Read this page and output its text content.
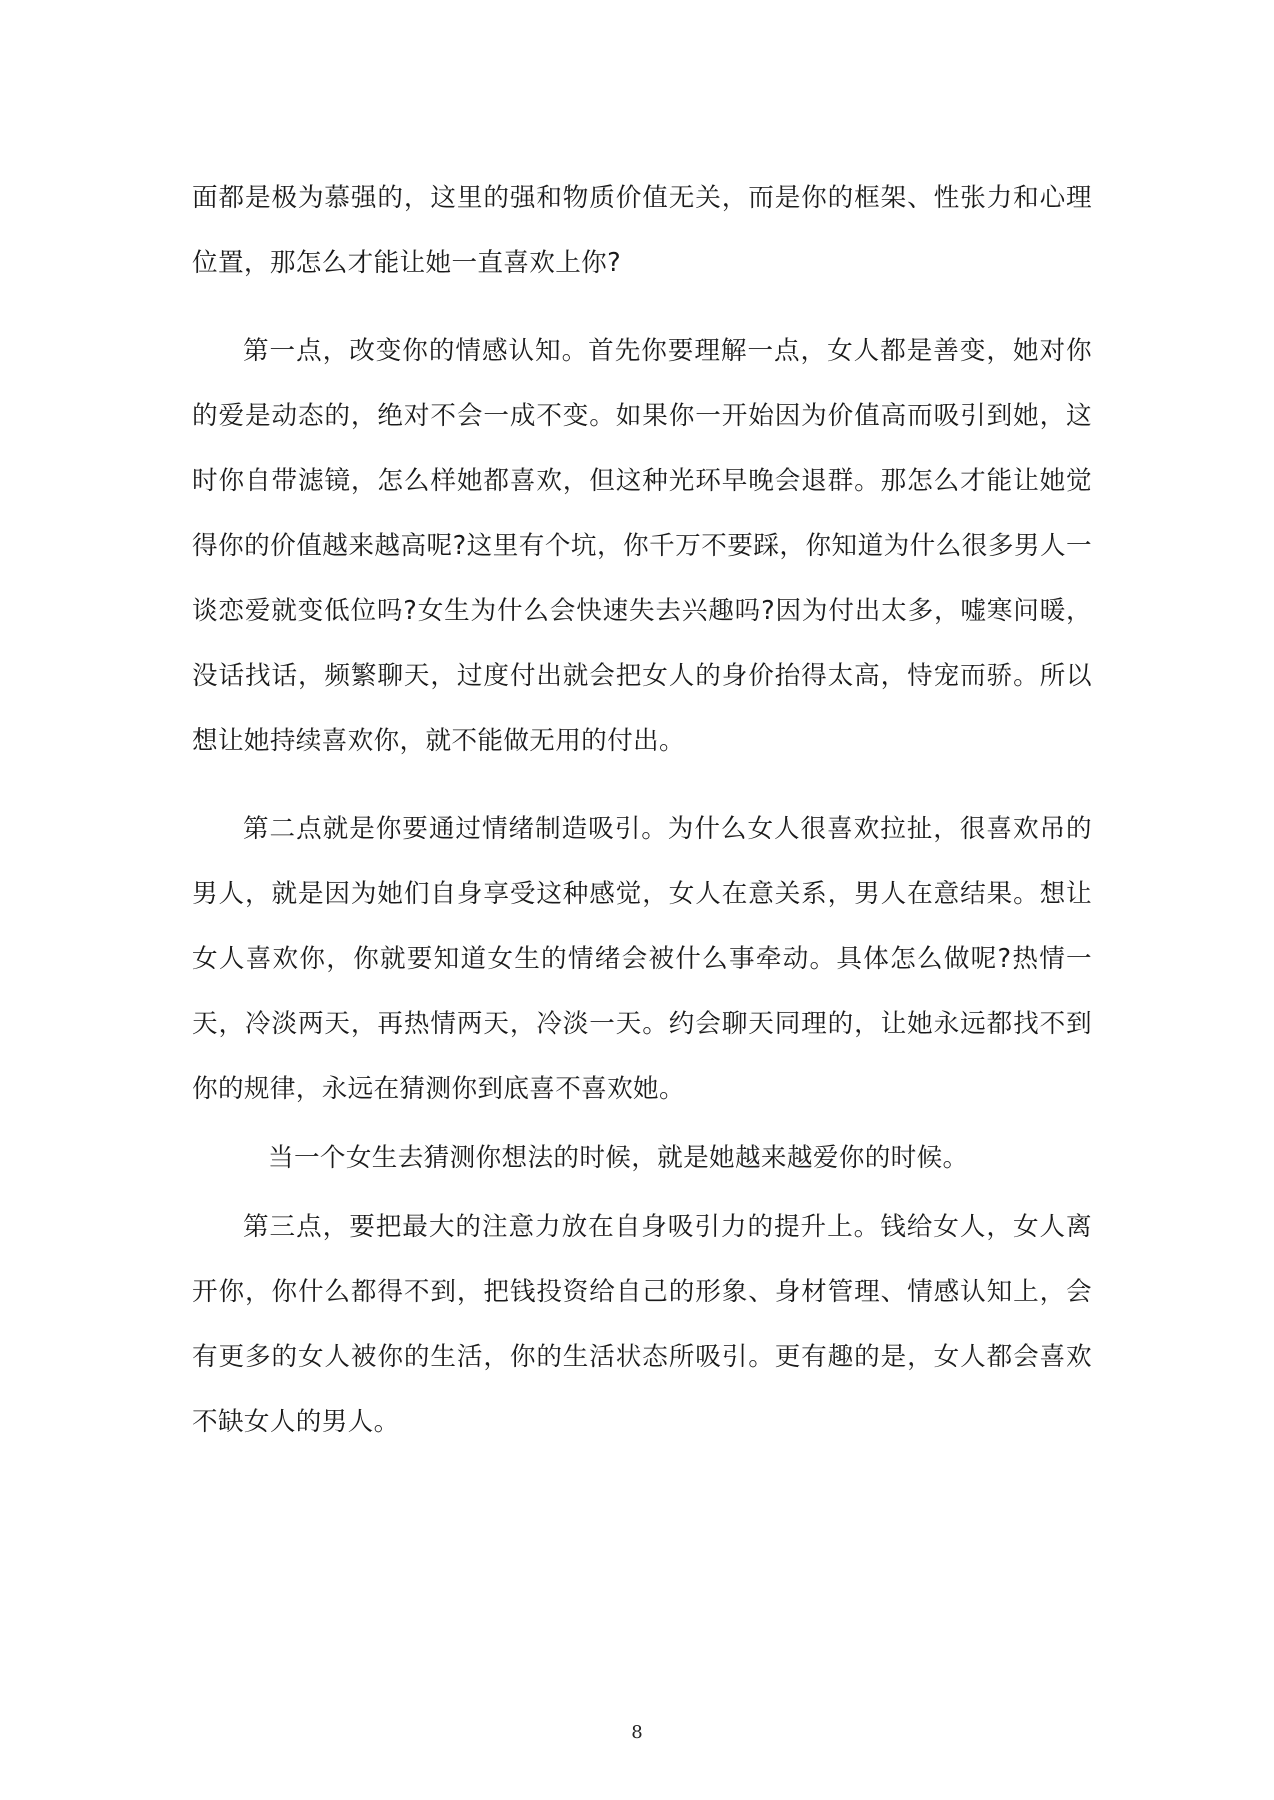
面都是极为慕强的，这里的强和物质价值无关，而是你的框架、性张力和心理位置，那怎么才能让她一直喜欢上你?

第一点，改变你的情感认知。首先你要理解一点，女人都是善变，她对你的爱是动态的，绝对不会一成不变。如果你一开始因为价值高而吸引到她，这时你自带滤镜，怎么样她都喜欢，但这种光环早晚会退群。那怎么才能让她觉得你的价值越来越高呢?这里有个坑，你千万不要踩，你知道为什么很多男人一谈恋爱就变低位吗?女生为什么会快速失去兴趣吗?因为付出太多，嘘寒问暖，没话找话，频繁聊天，过度付出就会把女人的身价抬得太高，恃宠而骄。所以想让她持续喜欢你，就不能做无用的付出。

第二点就是你要通过情绪制造吸引。为什么女人很喜欢拉扯，很喜欢吊的男人，就是因为她们自身享受这种感觉，女人在意关系，男人在意结果。想让女人喜欢你，你就要知道女生的情绪会被什么事牵动。具体怎么做呢?热情一天，冷淡两天，再热情两天，冷淡一天。约会聊天同理的，让她永远都找不到你的规律，永远在猜测你到底喜不喜欢她。

当一个女生去猜测你想法的时候，就是她越来越爱你的时候。

第三点，要把最大的注意力放在自身吸引力的提升上。钱给女人，女人离开你，你什么都得不到，把钱投资给自己的形象、身材管理、情感认知上，会有更多的女人被你的生活，你的生活状态所吸引。更有趣的是，女人都会喜欢不缺女人的男人。

8
